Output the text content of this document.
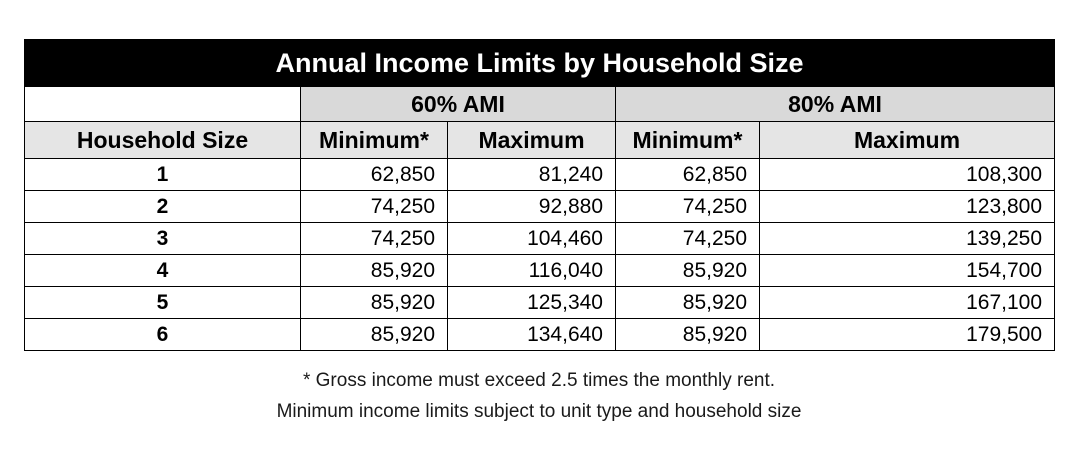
Annual Income Limits by Household Size				
	60% AMI		80% AMI	
Household Size	Minimum*	Maximum	Minimum*	Maximum
1	62,850	81,240	62,850	108,300
2	74,250	92,880	74,250	123,800
3	74,250	104,460	74,250	139,250
4	85,920	116,040	85,920	154,700
5	85,920	125,340	85,920	167,100
6	85,920	134,640	85,920	179,500
* Gross income must exceed 2.5 times the monthly rent.
Minimum income limits subject to unit type and household size
